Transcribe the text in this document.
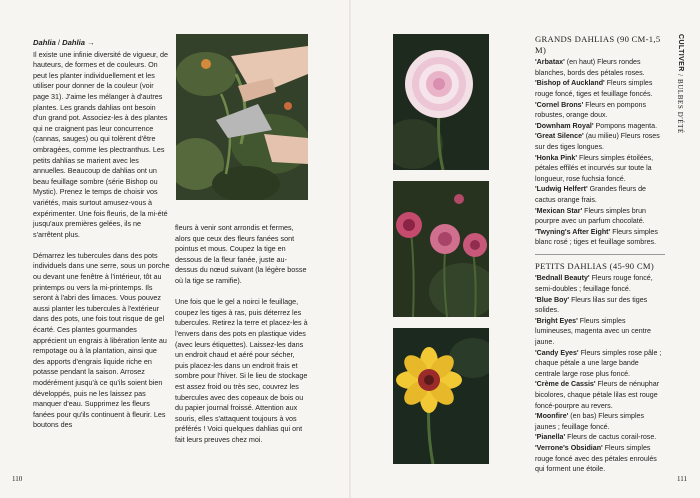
Dahlia / Dahlia →

Il existe une infinie diversité de vigueur, de hauteurs, de formes et de couleurs. On peut les planter individuellement et les utiliser pour donner de la couleur (voir page 31). J'aime les mélanger à d'autres plantes. Les grands dahlias ont besoin d'un grand pot. Associez-les à des plantes qui ne craignent pas leur concurrence (cannas, sauges) ou qui tolèrent d'être ombragées, comme les plectranthus. Les petits dahlias se marient avec les annuelles. Beaucoup de dahlias ont un beau feuillage sombre (série Bishop ou Mystic). Prenez le temps de choisir vos variétés, mais surtout amusez-vous à expérimenter. Une fois fleuris, de la mi-été jusqu'aux premières gelées, ils ne s'arrêtent plus.

Démarrez les tubercules dans des pots individuels dans une serre, sous un porche ou devant une fenêtre à l'intérieur, tôt au printemps ou vers la mi-printemps. Ils seront à l'abri des limaces. Vous pouvez aussi planter les tubercules à l'extérieur dans des pots, une fois tout risque de gel écarté. Ces plantes gourmandes apprécient un engrais à libération lente au rempotage ou à la plantation, ainsi que des apports d'engrais liquide riche en potasse pendant la saison. Arrosez modérément jusqu'à ce qu'ils soient bien développés, puis ne les laissez pas manquer d'eau. Supprimez les fleurs fanées pour qu'ils continuent à fleurir. Les boutons des

fleurs à venir sont arrondis et fermes, alors que ceux des fleurs fanées sont pointus et mous. Coupez la tige en dessous de la fleur fanée, juste au-dessus du nœud suivant (la légère bosse où la tige se ramifie).

Une fois que le gel a noirci le feuillage, coupez les tiges à ras, puis déterrez les tubercules. Retirez la terre et placez-les à l'envers dans des pots en plastique vides (avec leurs étiquettes). Laissez-les dans un endroit chaud et aéré pour sécher, puis placez-les dans un endroit frais et sombre pour l'hiver. Si le lieu de stockage est assez froid ou très sec, couvrez les tubercules avec des copeaux de bois ou du papier journal froissé. Attention aux souris, elles s'attaquent toujours à vos préférés ! Voici quelques dahlias qui ont fait leurs preuves chez moi.

GRANDS DAHLIAS (90 CM-1,5 M)

'Arbatax' (en haut) Fleurs rondes blanches, bords des pétales roses.

'Bishop of Auckland' Fleurs simples rouge foncé, tiges et feuillage foncés.

'Cornel Brons' Fleurs en pompons robustes, orange doux.

'Downham Royal' Pompons magenta.

'Great Silence' (au milieu) Fleurs roses sur des tiges longues.

'Honka Pink' Fleurs simples étoilées, pétales effilés et incurvés sur toute la longueur, rose fuchsia foncé.

'Ludwig Helfert' Grandes fleurs de cactus orange frais.

'Mexican Star' Fleurs simples brun pourpre avec un parfum chocolaté.

'Twyning's After Eight' Fleurs simples blanc rosé ; tiges et feuillage sombres.

PETITS DAHLIAS (45-90 CM)

'Bednall Beauty' Fleurs rouge foncé, semi-doubles ; feuillage foncé.

'Blue Boy' Fleurs lilas sur des tiges solides.

'Bright Eyes' Fleurs simples lumineuses, magenta avec un centre jaune.

'Candy Eyes' Fleurs simples rose pâle ; chaque pétale a une large bande centrale large rose plus foncé.

'Crème de Cassis' Fleurs de nénuphar bicolores, chaque pétale lilas est rouge foncé-pourpre au revers.

'Moonfire' (en bas) Fleurs simples jaunes ; feuillage foncé.

'Pianella' Fleurs de cactus corail-rose.

'Verrone's Obsidian' Fleurs simples rouge foncé avec des pétales enroulés qui forment une étoile.

CULTIVER / BULBES D'ÉTÉ
110	111
